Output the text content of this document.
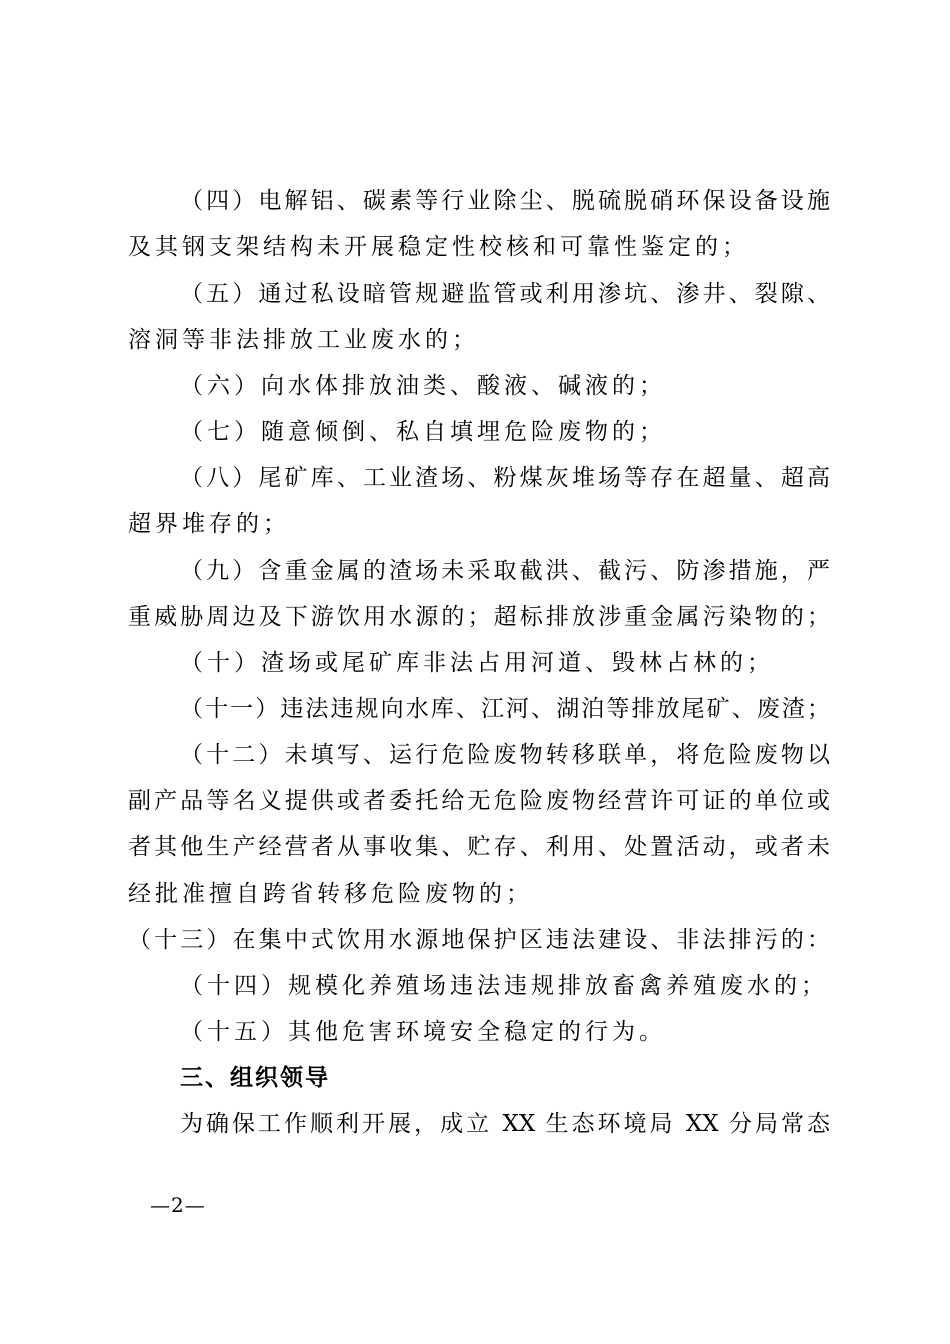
（四）电解铝、碳素等行业除尘、脱硫脱硝环保设备设施
及其钢支架结构未开展稳定性校核和可靠性鉴定的；
（五）通过私设暗管规避监管或利用渗坑、渗井、裂隙、
溶洞等非法排放工业废水的；
（六）向水体排放油类、酸液、碱液的；
（七）随意倾倒、私自填埋危险废物的；
（八）尾矿库、工业渣场、粉煤灰堆场等存在超量、超高
超界堆存的；
（九）含重金属的渣场未采取截洪、截污、防渗措施，严
重威胁周边及下游饮用水源的；超标排放涉重金属污染物的；
（十）渣场或尾矿库非法占用河道、毁林占林的；
（十一）违法违规向水库、江河、湖泊等排放尾矿、废渣；
（十二）未填写、运行危险废物转移联单，将危险废物以
副产品等名义提供或者委托给无危险废物经营许可证的单位或
者其他生产经营者从事收集、贮存、利用、处置活动，或者未
经批准擅自跨省转移危险废物的；
（十三）在集中式饮用水源地保护区违法建设、非法排污的：
（十四）规模化养殖场违法违规排放畜禽养殖废水的；
（十五）其他危害环境安全稳定的行为。
三、组织领导
为确保工作顺利开展，成立 XX 生态环境局 XX 分局常态
—2—
